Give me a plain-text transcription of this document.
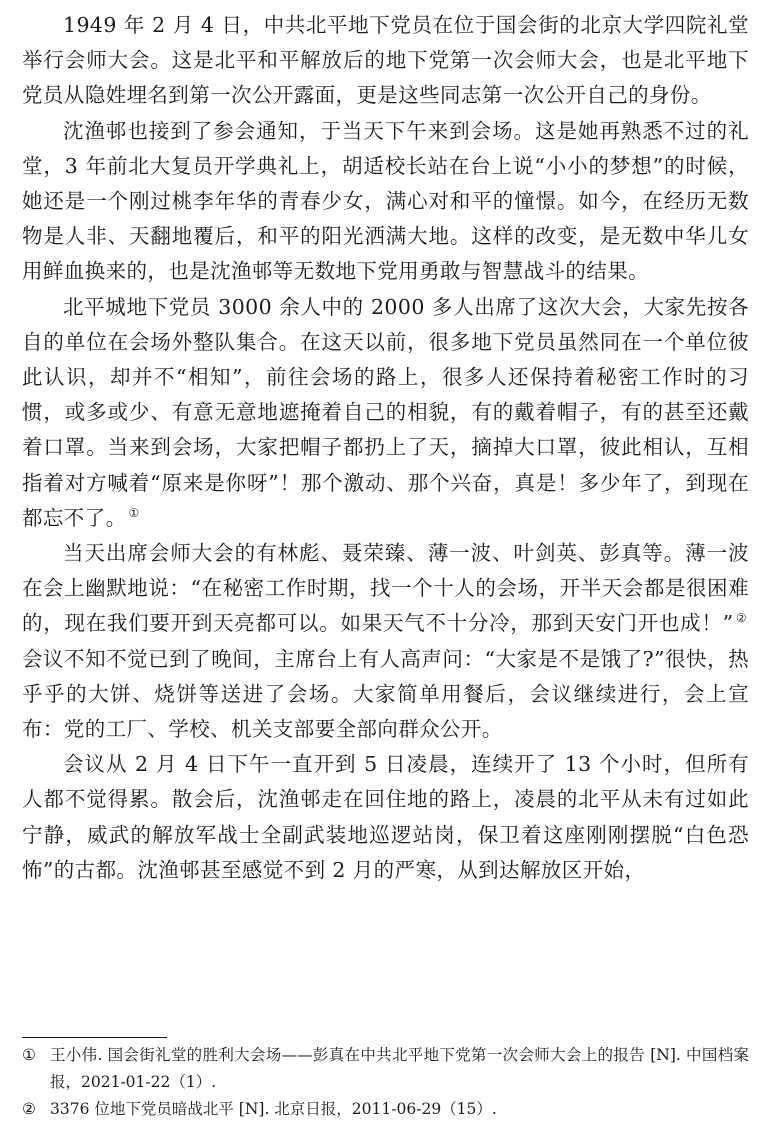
1949 年 2 月 4 日，中共北平地下党员在位于国会街的北京大学四院礼堂举行会师大会。这是北平和平解放后的地下党第一次会师大会，也是北平地下党员从隐姓埋名到第一次公开露面，更是这些同志第一次公开自己的身份。

沈渔邨也接到了参会通知，于当天下午来到会场。这是她再熟悉不过的礼堂，3 年前北大复员开学典礼上，胡适校长站在台上说“小小的梦想”的时候，她还是一个刚过桃李年华的青春少女，满心对和平的憧憬。如今，在经历无数物是人非、天翻地覆后，和平的阳光洒满大地。这样的改变，是无数中华儿女用鲜血换来的，也是沈渔邨等无数地下党用勇敢与智慧战斗的结果。

北平城地下党员 3000 余人中的 2000 多人出席了这次大会，大家先按各自的单位在会场外整队集合。在这天以前，很多地下党员虽然同在一个单位彼此认识，却并不“相知”，前往会场的路上，很多人还保持着秘密工作时的习惯，或多或少、有意无意地遮掩着自己的相貌，有的戴着帽子，有的甚至还戴着口罩。当来到会场，大家把帽子都扔上了天，摘掉大口罩，彼此相认，互相指着对方喊着“原来是你呀”！那个激动、那个兴奋，真是！多少年了，到现在都忘不了。 ①

当天出席会师大会的有林彪、聂荣臻、薄一波、叶剑英、彭真等。薄一波在会上幽默地说：“在秘密工作时期，找一个十人的会场，开半天会都是很困难的，现在我们要开到天亮都可以。如果天气不十分冷，那到天安门开也成！” ②会议不知不觉已到了晚间，主席台上有人高声问：“大家是不是饿了?”很快，热乎乎的大饼、烧饼等送进了会场。大家简单用餐后，会议继续进行，会上宣布：党的工厂、学校、机关支部要全部向群众公开。

会议从 2 月 4 日下午一直开到 5 日凌晨，连续开了 13 个小时，但所有人都不觉得累。散会后，沈渔邨走在回住地的路上，凌晨的北平从未有过如此宁静，威武的解放军战士全副武装地巡逻站岗，保卫着这座刚刚摆脱“白色恐怖”的古都。沈渔邨甚至感觉不到 2 月的严寒，从到达解放区开始，

① 王小伟. 国会街礼堂的胜利大会场——彭真在中共北平地下党第一次会师大会上的报告 [N]. 中国档案报，2021-01-22（1）.

② 3376 位地下党员暗战北平 [N]. 北京日报，2011-06-29（15）.
